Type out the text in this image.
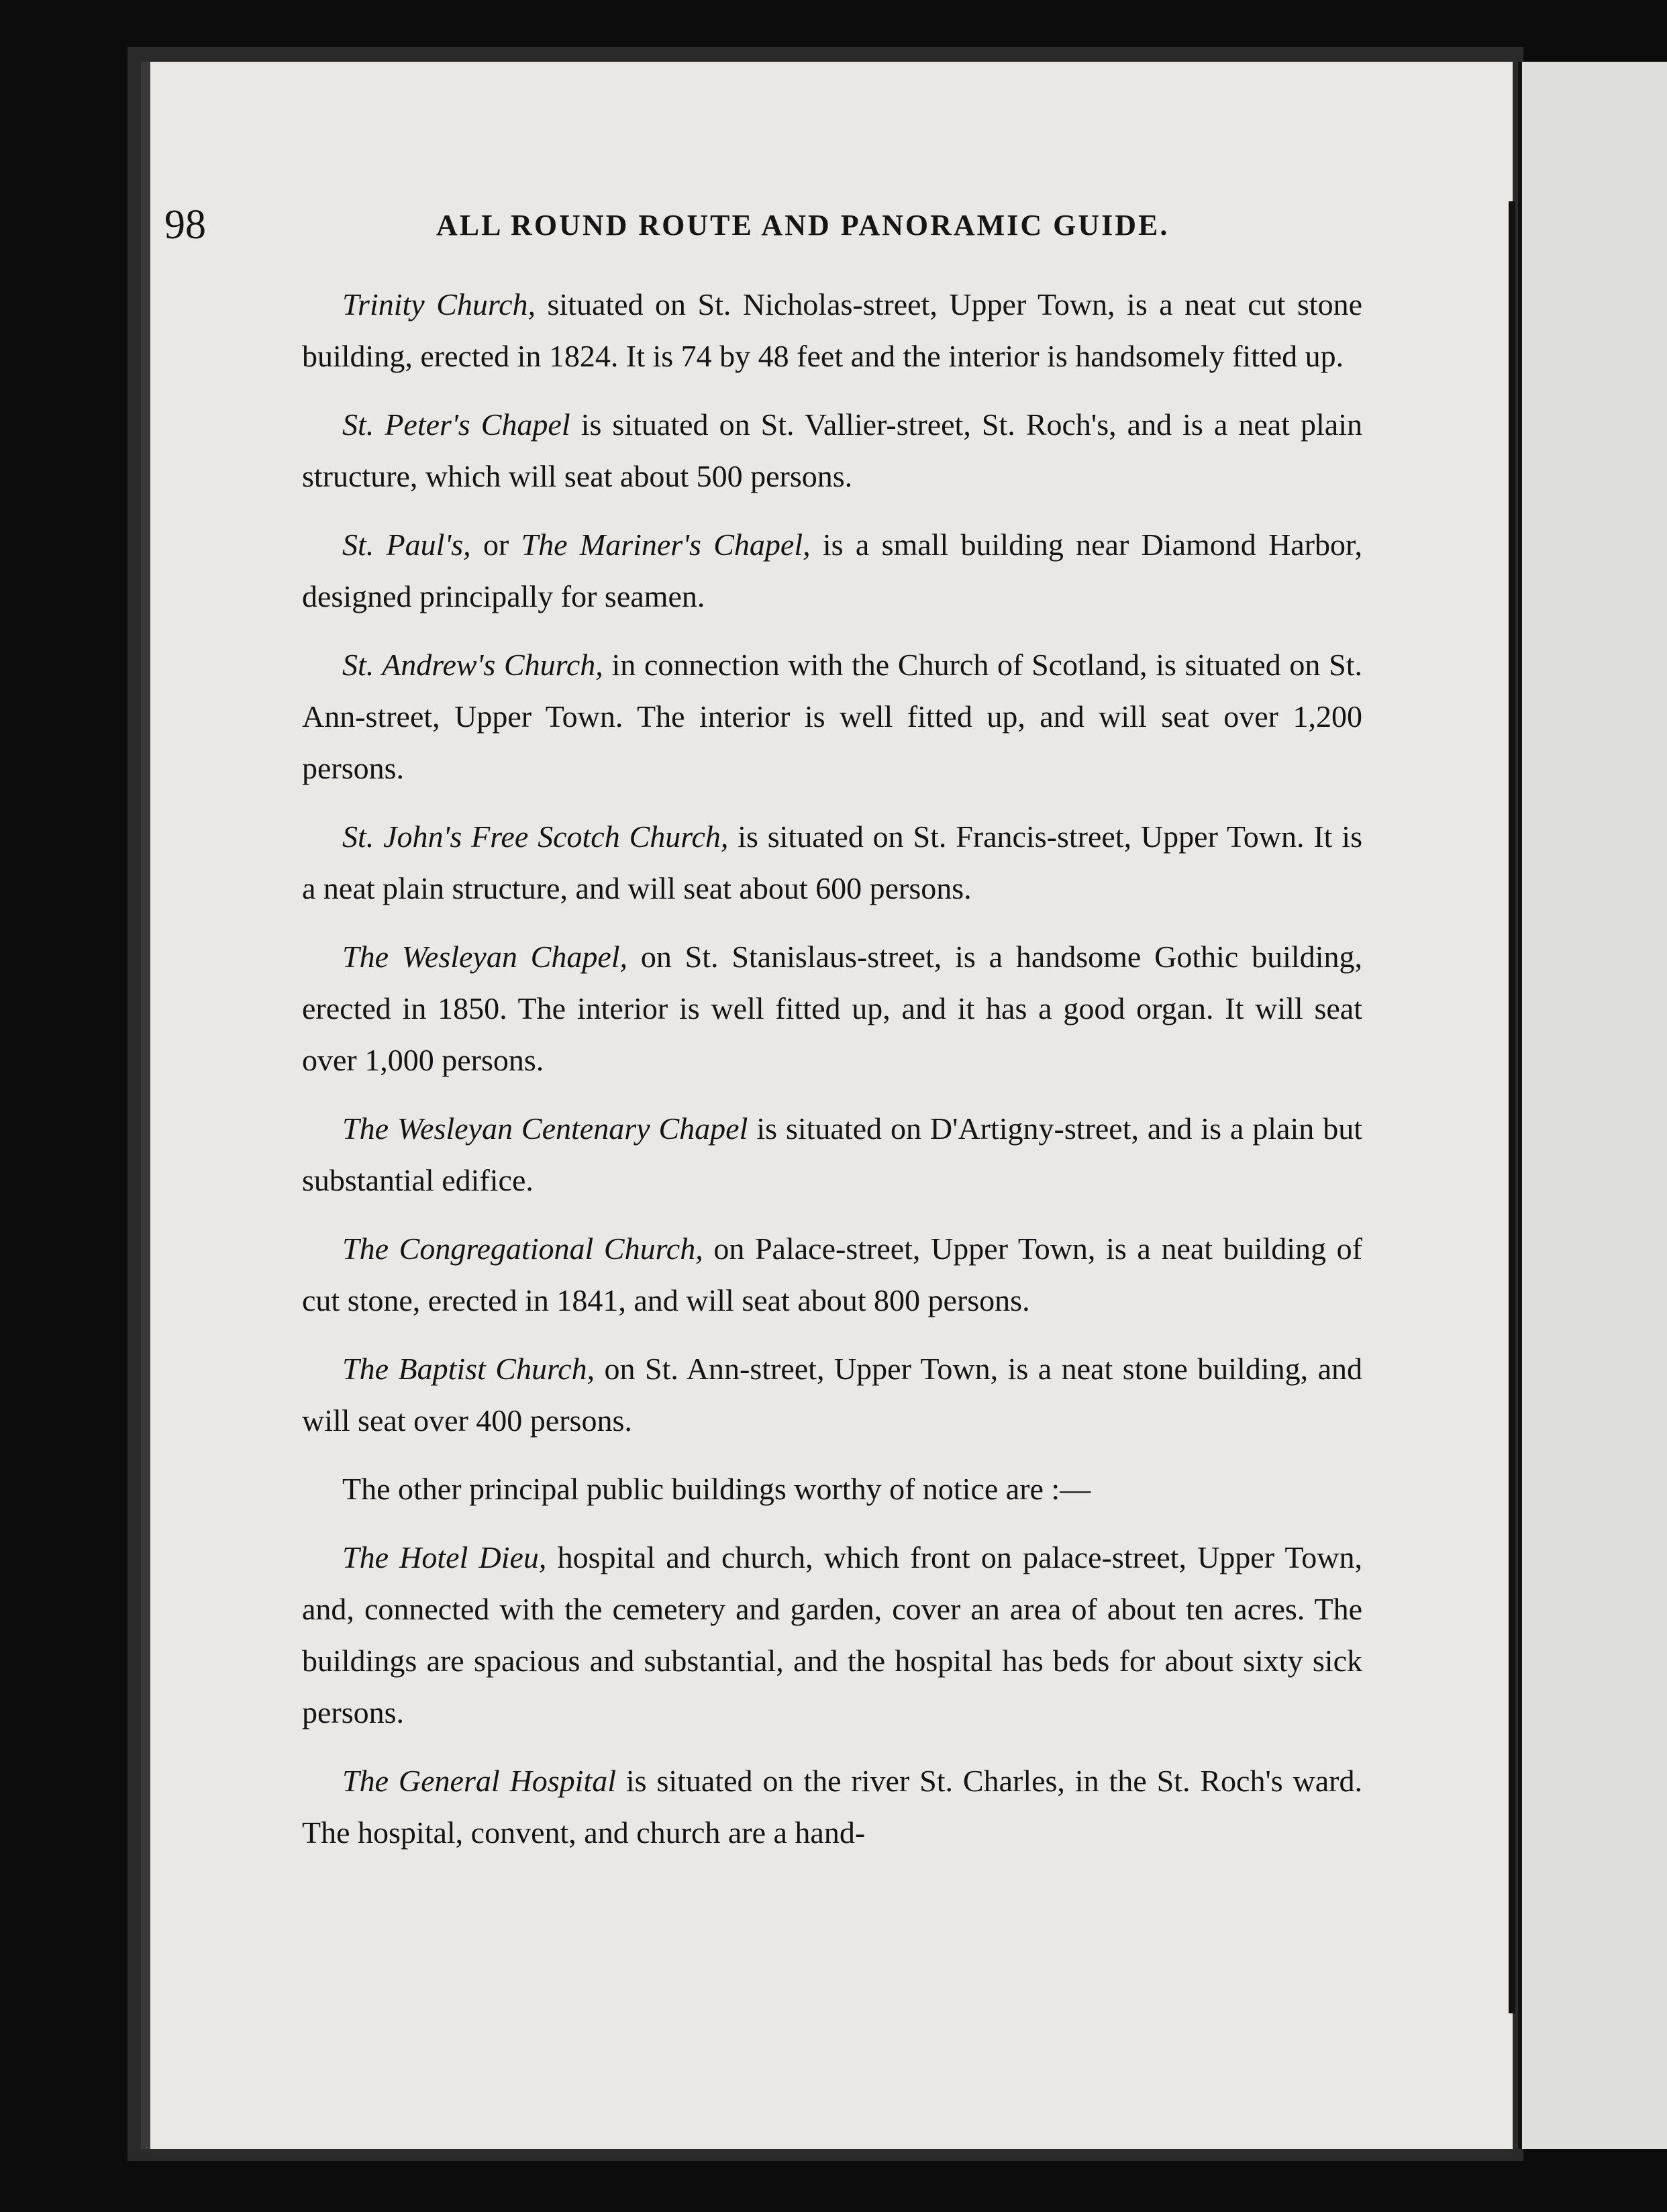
98	ALL ROUND ROUTE AND PANORAMIC GUIDE.

Trinity Church, situated on St. Nicholas-street, Upper Town, is a neat cut stone building, erected in 1824. It is 74 by 48 feet and the interior is handsomely fitted up.

St. Peter's Chapel is situated on St. Vallier-street, St. Roch's, and is a neat plain structure, which will seat about 500 persons.

St. Paul's, or The Mariner's Chapel, is a small building near Diamond Harbor, designed principally for seamen.

St. Andrew's Church, in connection with the Church of Scotland, is situated on St. Ann-street, Upper Town. The interior is well fitted up, and will seat over 1,200 persons.

St. John's Free Scotch Church, is situated on St. Francis-street, Upper Town. It is a neat plain structure, and will seat about 600 persons.

The Wesleyan Chapel, on St. Stanislaus-street, is a handsome Gothic building, erected in 1850. The interior is well fitted up, and it has a good organ. It will seat over 1,000 persons.

The Wesleyan Centenary Chapel is situated on D'Artigny-street, and is a plain but substantial edifice.

The Congregational Church, on Palace-street, Upper Town, is a neat building of cut stone, erected in 1841, and will seat about 800 persons.

The Baptist Church, on St. Ann-street, Upper Town, is a neat stone building, and will seat over 400 persons.

The other principal public buildings worthy of notice are :—

The Hotel Dieu, hospital and church, which front on palace-street, Upper Town, and, connected with the cemetery and garden, cover an area of about ten acres. The buildings are spacious and substantial, and the hospital has beds for about sixty sick persons.

The General Hospital is situated on the river St. Charles, in the St. Roch's ward. The hospital, convent, and church are a hand-
